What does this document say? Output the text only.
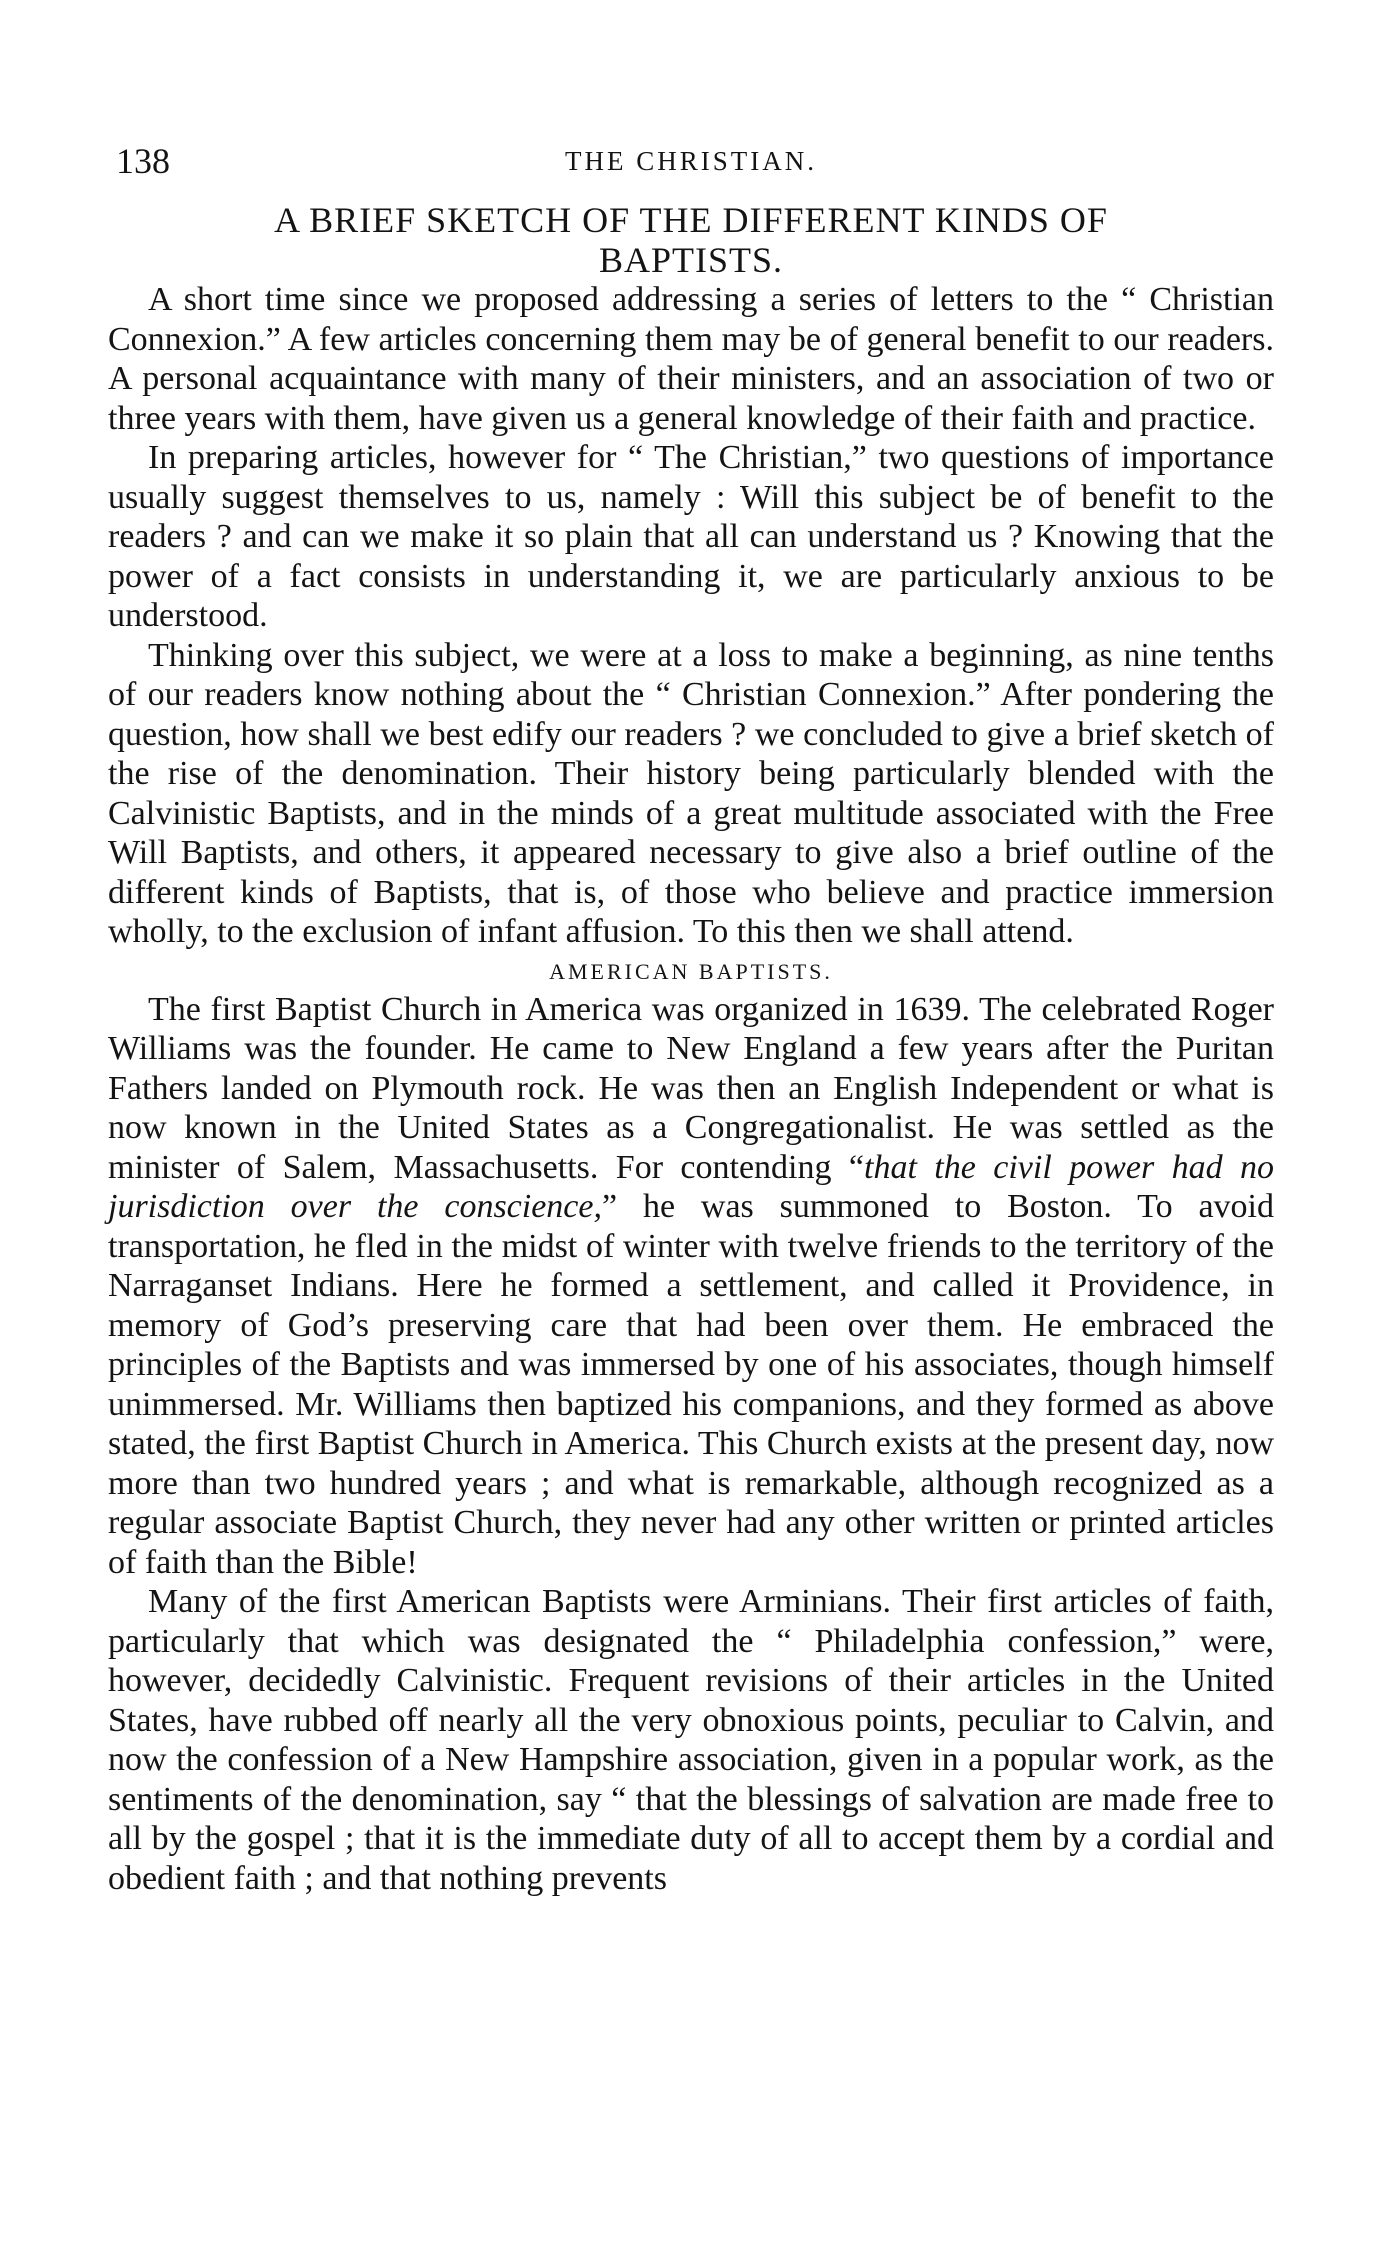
138	THE CHRISTIAN.
A BRIEF SKETCH OF THE DIFFERENT KINDS OF
BAPTISTS.

A short time since we proposed addressing a series of letters to the “ Christian Connexion.” A few articles concerning them may be of general benefit to our readers. A personal acquaintance with many of their ministers, and an association of two or three years with them, have given us a general knowledge of their faith and practice.

In preparing articles, however for “ The Christian,” two questions of importance usually suggest themselves to us, namely : Will this subject be of benefit to the readers ? and can we make it so plain that all can understand us ? Knowing that the power of a fact consists in understanding it, we are particularly anxious to be understood.

Thinking over this subject, we were at a loss to make a beginning, as nine tenths of our readers know nothing about the “ Christian Connexion.” After pondering the question, how shall we best edify our readers ? we concluded to give a brief sketch of the rise of the denomination. Their history being particularly blended with the Calvinistic Baptists, and in the minds of a great multitude associated with the Free Will Baptists, and others, it appeared necessary to give also a brief outline of the different kinds of Baptists, that is, of those who believe and practice immersion wholly, to the exclusion of infant affusion. To this then we shall attend.

AMERICAN BAPTISTS.

The first Baptist Church in America was organized in 1639. The celebrated Roger Williams was the founder. He came to New England a few years after the Puritan Fathers landed on Plymouth rock. He was then an English Independent or what is now known in the United States as a Congregationalist. He was settled as the minister of Salem, Massachusetts. For contending “that the civil power had no jurisdiction over the conscience,” he was summoned to Boston. To avoid transportation, he fled in the midst of winter with twelve friends to the territory of the Narraganset Indians. Here he formed a settlement, and called it Providence, in memory of God’s preserving care that had been over them. He embraced the principles of the Baptists and was immersed by one of his associates, though himself unimmersed. Mr. Williams then baptized his companions, and they formed as above stated, the first Baptist Church in America. This Church exists at the present day, now more than two hundred years ; and what is remarkable, although recognized as a regular associate Baptist Church, they never had any other written or printed articles of faith than the Bible!

Many of the first American Baptists were Arminians. Their first articles of faith, particularly that which was designated the “ Philadelphia confession,” were, however, decidedly Calvinistic. Frequent revisions of their articles in the United States, have rubbed off nearly all the very obnoxious points, peculiar to Calvin, and now the confession of a New Hampshire association, given in a popular work, as the sentiments of the denomination, say “ that the blessings of salvation are made free to all by the gospel ; that it is the immediate duty of all to accept them by a cordial and obedient faith ; and that nothing prevents
